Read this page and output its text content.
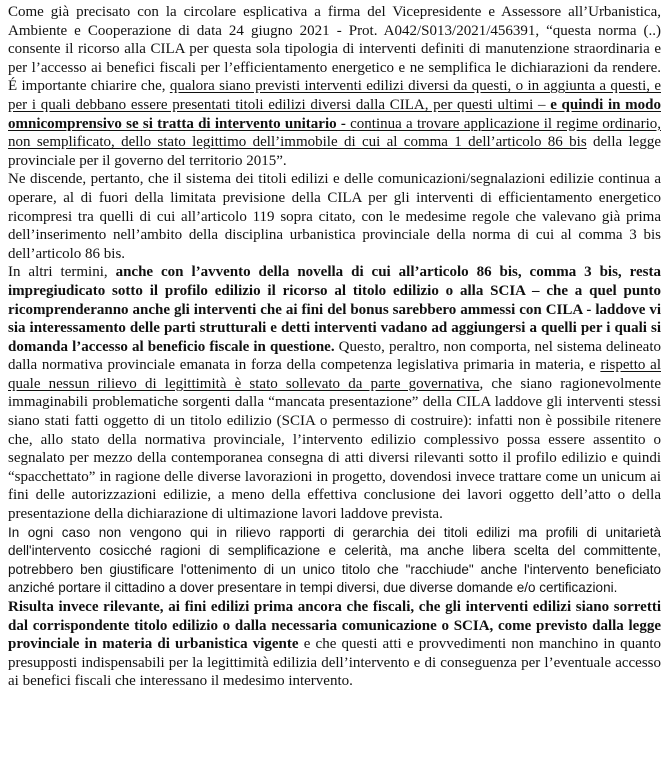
Come già precisato con la circolare esplicativa a firma del Vicepresidente e Assessore all’Urbanistica, Ambiente e Cooperazione di data 24 giugno 2021 - Prot. A042/S013/2021/456391, “questa norma (..) consente il ricorso alla CILA per questa sola tipologia di interventi definiti di manutenzione straordinaria e per l’accesso ai benefici fiscali per l’efficientamento energetico e ne semplifica le dichiarazioni da rendere. É importante chiarire che, qualora siano previsti interventi edilizi diversi da questi, o in aggiunta a questi, e per i quali debbano essere presentati titoli edilizi diversi dalla CILA, per questi ultimi – e quindi in modo omnicomprensivo se si tratta di intervento unitario - continua a trovare applicazione il regime ordinario, non semplificato, dello stato legittimo dell’immobile di cui al comma 1 dell’articolo 86 bis della legge provinciale per il governo del territorio 2015”.

Ne discende, pertanto, che il sistema dei titoli edilizi e delle comunicazioni/segnalazioni edilizie continua a operare, al di fuori della limitata previsione della CILA per gli interventi di efficientamento energetico ricompresi tra quelli di cui all’articolo 119 sopra citato, con le medesime regole che valevano già prima dell’inserimento nell’ambito della disciplina urbanistica provinciale della norma di cui al comma 3 bis dell’articolo 86 bis.

In altri termini, anche con l’avvento della novella di cui all’articolo 86 bis, comma 3 bis, resta impregiudicato sotto il profilo edilizio il ricorso al titolo edilizio o alla SCIA – che a quel punto ricomprenderanno anche gli interventi che ai fini del bonus sarebbero ammessi con CILA - laddove vi sia interessamento delle parti strutturali e detti interventi vadano ad aggiungersi a quelli per i quali si domanda l’accesso al beneficio fiscale in questione. Questo, peraltro, non comporta, nel sistema delineato dalla normativa provinciale emanata in forza della competenza legislativa primaria in materia, e rispetto al quale nessun rilievo di legittimità è stato sollevato da parte governativa, che siano ragionevolmente immaginabili problematiche sorgenti dalla “mancata presentazione” della CILA laddove gli interventi stessi siano stati fatti oggetto di un titolo edilizio (SCIA o permesso di costruire): infatti non è possibile ritenere che, allo stato della normativa provinciale, l’intervento edilizio complessivo possa essere assentito o segnalato per mezzo della contemporanea consegna di atti diversi rilevanti sotto il profilo edilizio e quindi “spacchettato” in ragione delle diverse lavorazioni in progetto, dovendosi invece trattare come un unicum ai fini delle autorizzazioni edilizie, a meno della effettiva conclusione dei lavori oggetto dell’atto o della presentazione della dichiarazione di ultimazione lavori laddove prevista.

In ogni caso non vengono qui in rilievo rapporti di gerarchia dei titoli edilizi ma profili di unitarietà dell'intervento cosicché ragioni di semplificazione e celerità, ma anche libera scelta del committente, potrebbero ben giustificare l'ottenimento di un unico titolo che "racchiude" anche l'intervento beneficiato anziché portare il cittadino a dover presentare in tempi diversi, due diverse domande e/o certificazioni.

Risulta invece rilevante, ai fini edilizi prima ancora che fiscali, che gli interventi edilizi siano sorretti dal corrispondente titolo edilizio o dalla necessaria comunicazione o SCIA, come previsto dalla legge provinciale in materia di urbanistica vigente e che questi atti e provvedimenti non manchino in quanto presupposti indispensabili per la legittimità edilizia dell’intervento e di conseguenza per l’eventuale accesso ai benefici fiscali che interessano il medesimo intervento.
